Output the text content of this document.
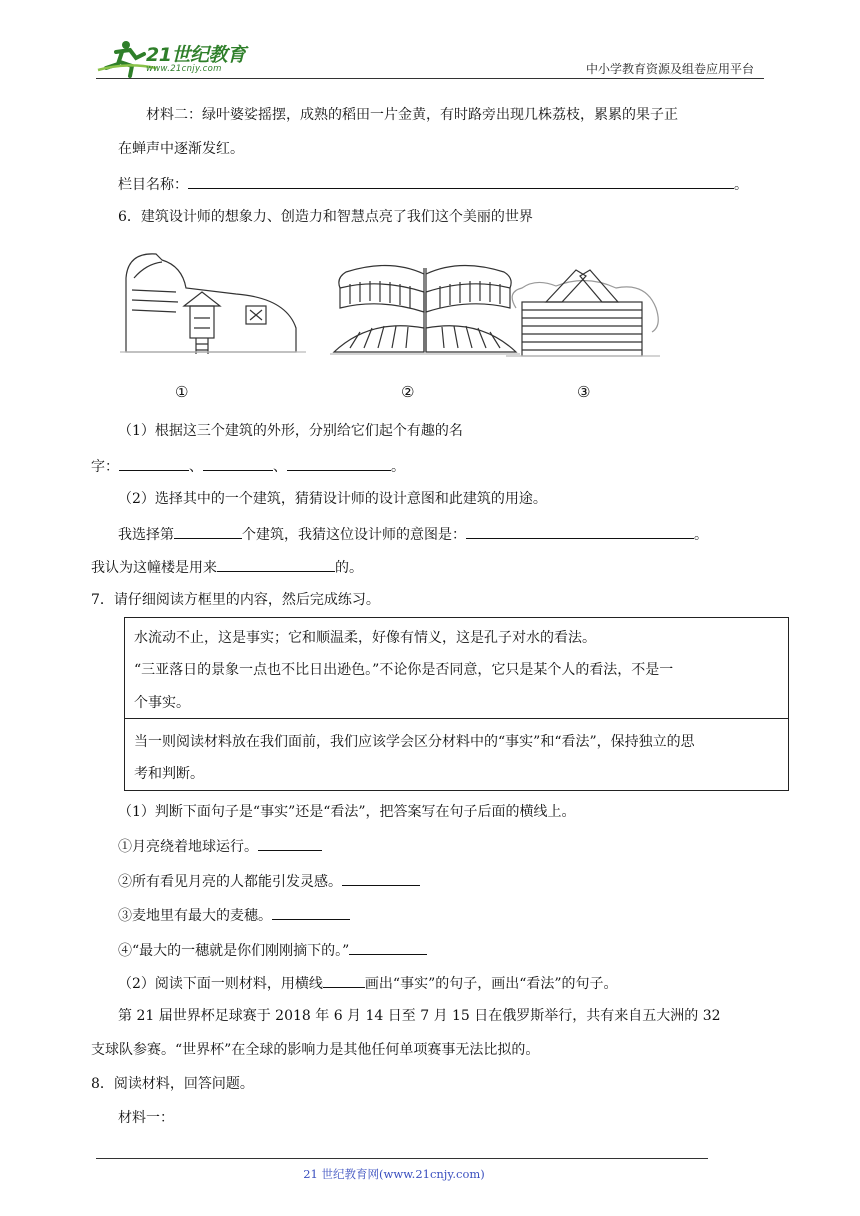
21世纪教育
www.21cnjy.com	中小学教育资源及组卷应用平台
材料二：绿叶婆娑摇摆，成熟的稻田一片金黄，有时路旁出现几株荔枝，累累的果子正
在蝉声中逐渐发红。
栏目名称：	。
6．建筑设计师的想象力、创造力和智慧点亮了我们这个美丽的世界
①	②	③
（1）根据这三个建筑的外形，分别给它们起个有趣的名
字：	、	、	。
（2）选择其中的一个建筑，猜猜设计师的设计意图和此建筑的用途。
我选择第	个建筑，我猜这位设计师的意图是：	。
我认为这幢楼是用来	的。
7．请仔细阅读方框里的内容，然后完成练习。
水流动不止，这是事实；它和顺温柔，好像有情义，这是孔子对水的看法。
“三亚落日的景象一点也不比日出逊色。”不论你是否同意，它只是某个人的看法，不是一
个事实。
当一则阅读材料放在我们面前，我们应该学会区分材料中的“事实”和“看法”，保持独立的思
考和判断。
（1）判断下面句子是“事实”还是“看法”，把答案写在句子后面的横线上。
①月亮绕着地球运行。
②所有看见月亮的人都能引发灵感。
③麦地里有最大的麦穗。
④“最大的一穗就是你们刚刚摘下的。”
（2）阅读下面一则材料，用横线	画出“事实”的句子，画出“看法”的句子。
第 21 届世界杯足球赛于 2018 年 6 月 14 日至 7 月 15 日在俄罗斯举行，共有来自五大洲的 32
支球队参赛。“世界杯”在全球的影响力是其他任何单项赛事无法比拟的。
8．阅读材料，回答问题。
材料一：
21 世纪教育网(www.21cnjy.com)
